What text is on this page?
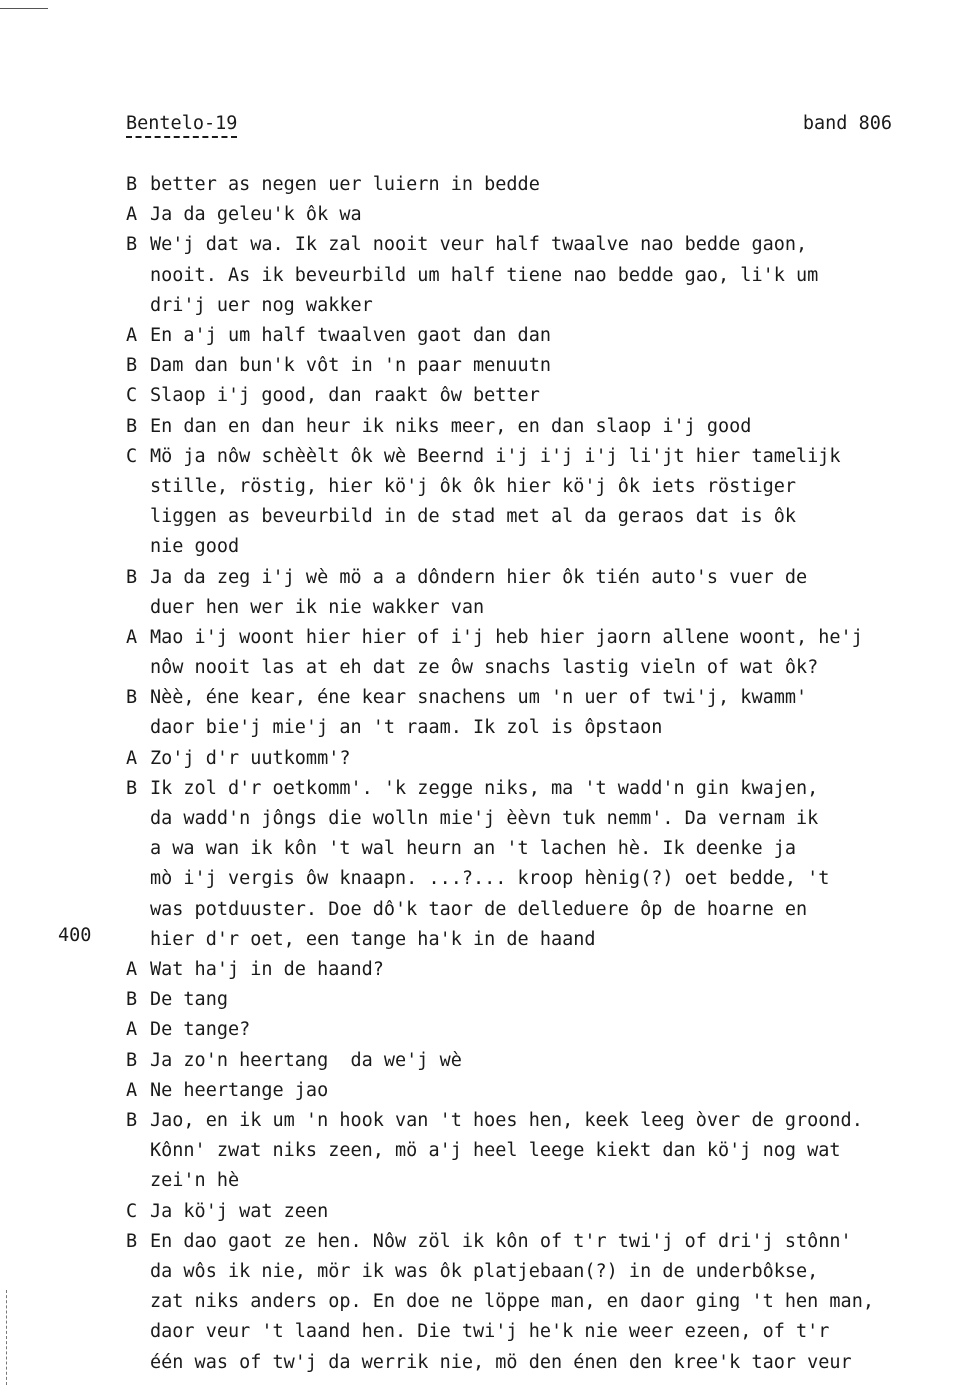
Bentelo-19	band 806
400
B better as negen uer luiern in bedde
A Ja da geleu'k ôk wa
B We'j dat wa. Ik zal nooit veur half twaalve nao bedde gaon,
nooit. As ik beveurbild um half tiene nao bedde gao, li'k um
dri'j uer nog wakker
A En a'j um half twaalven gaot dan dan
B Dam dan bun'k vôt in 'n paar menuutn
C Slaop i'j good, dan raakt ôw better
B En dan en dan heur ik niks meer, en dan slaop i'j good
C Mö ja nôw schèèlt ôk wè Beernd i'j i'j i'j li'jt hier tamelijk
stille, röstig, hier kö'j ôk ôk hier kö'j ôk iets röstiger
liggen as beveurbild in de stad met al da geraos dat is ôk
nie good
B Ja da zeg i'j wè mö a a dôndern hier ôk tién auto's vuer de
duer hen wer ik nie wakker van
A Mao i'j woont hier hier of i'j heb hier jaorn allene woont, he'j
nôw nooit las at eh dat ze ôw snachs lastig vieln of wat ôk?
B Nèè, éne kear, éne kear snachens um 'n uer of twi'j, kwamm'
daor bie'j mie'j an 't raam. Ik zol is ôpstaon
A Zo'j d'r uutkomm'?
B Ik zol d'r oetkomm'. 'k zegge niks, ma 't wadd'n gin kwajen,
da wadd'n jôngs die wolln mie'j èèvn tuk nemm'. Da vernam ik
a wa wan ik kôn 't wal heurn an 't lachen hè. Ik deenke ja
mò i'j vergis ôw knaapn. ...?... kroop hènig(?) oet bedde, 't
was potduuster. Doe dô'k taor de delleduere ôp de hoarne en
hier d'r oet, een tange ha'k in de haand
A Wat ha'j in de haand?
B De tang
A De tange?
B Ja zo'n heertang  da we'j wè
A Ne heertange jao
B Jao, en ik um 'n hook van 't hoes hen, keek leeg òver de groond.
Kônn' zwat niks zeen, mö a'j heel leege kiekt dan kö'j nog wat
zei'n hè
C Ja kö'j wat zeen
B En dao gaot ze hen. Nôw zöl ik kôn of t'r twi'j of dri'j stônn'
da wôs ik nie, mör ik was ôk platjebaan(?) in de underbôkse,
zat niks anders op. En doe ne löppe man, en daor ging 't hen man,
daor veur 't laand hen. Die twi'j he'k nie weer ezeen, of t'r
één was of tw'j da werrik nie, mö den énen den kree'k taor veur
